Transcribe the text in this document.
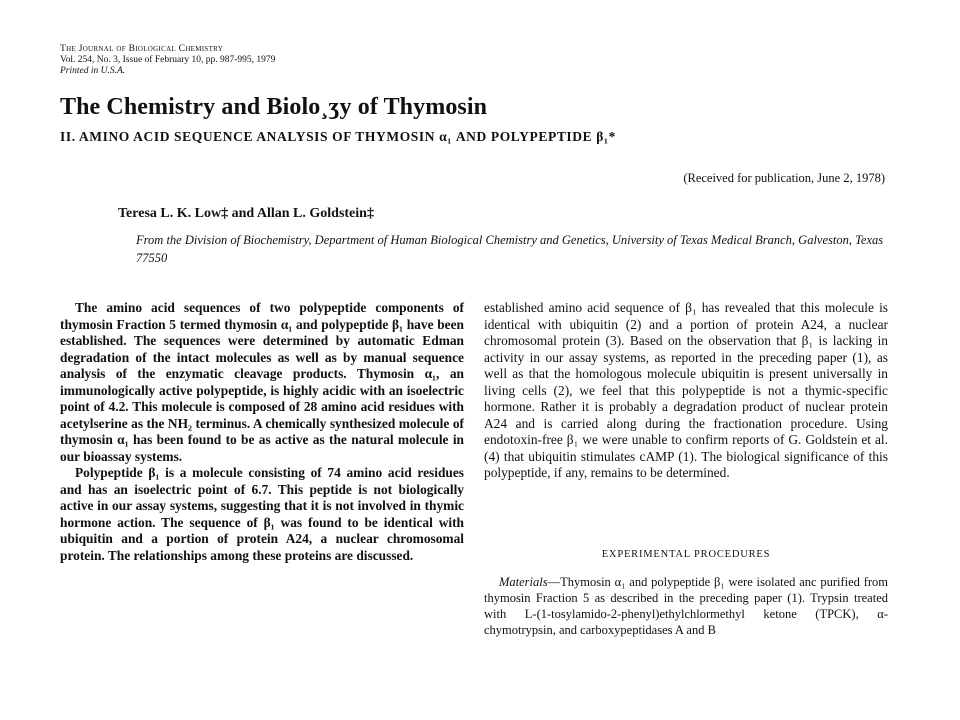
The Journal of Biological Chemistry
Vol. 254, No. 3, Issue of February 10, pp. 987-995, 1979
Printed in U.S.A.
The Chemistry and Biolo¸ʒy of Thymosin
II. AMINO ACID SEQUENCE ANALYSIS OF THYMOSIN α₁ AND POLYPEPTIDE β₁*
(Received for publication, June 2, 1978)
Teresa L. K. Low‡ and Allan L. Goldstein‡
From the Division of Biochemistry, Department of Human Biological Chemistry and Genetics, University of Texas Medical Branch, Galveston, Texas 77550

The amino acid sequences of two polypeptide components of thymosin Fraction 5 termed thymosin α₁ and polypeptide β₁ have been established. The sequences were determined by automatic Edman degradation of the intact molecules as well as by manual sequence analysis of the enzymatic cleavage products. Thymosin α₁, an immunologically active polypeptide, is highly acidic with an isoelectric point of 4.2. This molecule is composed of 28 amino acid residues with acetylserine as the NH₂ terminus. A chemically synthesized molecule of thymosin α₁ has been found to be as active as the natural molecule in our bioassay systems.

Polypeptide β₁ is a molecule consisting of 74 amino acid residues and has an isoelectric point of 6.7. This peptide is not biologically active in our assay systems, suggesting that it is not involved in thymic hormone action. The sequence of β₁ was found to be identical with ubiquitin and a portion of protein A24, a nuclear chromosomal protein. The relationships among these proteins are discussed.

established amino acid sequence of β₁ has revealed that this molecule is identical with ubiquitin (2) and a portion of protein A24, a nuclear chromosomal protein (3). Based on the observation that β₁ is lacking in activity in our assay systems, as reported in the preceding paper (1), as well as that the homologous molecule ubiquitin is present universally in living cells (2), we feel that this polypeptide is not a thymic-specific hormone. Rather it is probably a degradation product of nuclear protein A24 and is carried along during the fractionation procedure. Using endotoxin-free β₁ we were unable to confirm reports of G. Goldstein et al. (4) that ubiquitin stimulates cAMP (1). The biological significance of this polypeptide, if any, remains to be determined.

EXPERIMENTAL PROCEDURES

Materials—Thymosin α₁ and polypeptide β₁ were isolated anc purified from thymosin Fraction 5 as described in the preceding paper (1). Trypsin treated with L-(1-tosylamido-2-phenyl)ethylchlormethyl ketone (TPCK), α-chymotrypsin, and carboxypeptidases A and B
